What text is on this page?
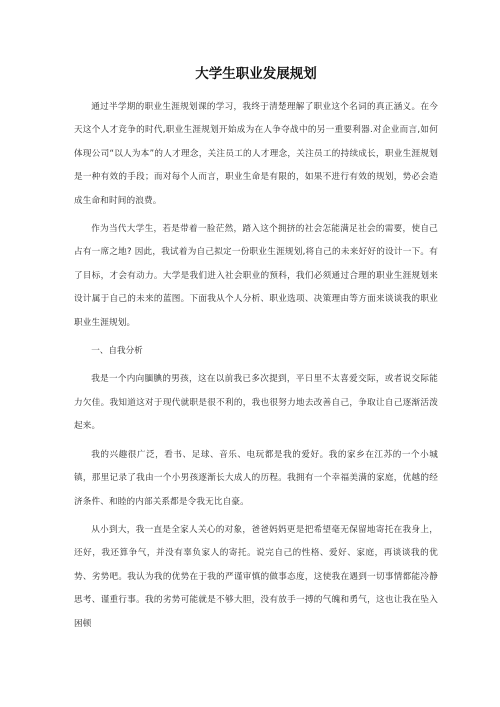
大学生职业发展规划

通过半学期的职业生涯规划课的学习，我终于清楚理解了职业这个名词的真正涵义。在今天这个人才竞争的时代,职业生涯规划开始成为在人争夺战中的另一重要利器.对企业而言,如何体现公司“以人为本”的人才理念，关注员工的人才理念，关注员工的持续成长，职业生涯规划是一种有效的手段；而对每个人而言，职业生命是有限的，如果不进行有效的规划，势必会造成生命和时间的浪费。

作为当代大学生，若是带着一脸茫然，踏入这个拥挤的社会怎能满足社会的需要，使自己占有一席之地? 因此，我试着为自己拟定一份职业生涯规划,将自己的未来好好的设计一下。有了目标，才会有动力。大学是我们进入社会职业的预科，我们必须通过合理的职业生涯规划来设计属于自己的未来的蓝图。下面我从个人分析、职业选项、决策理由等方面来谈谈我的职业职业生涯规划。

一、自我分析

我是一个内向腼腆的男孩，这在以前我已多次提到，平日里不太喜爱交际，或者说交际能力欠佳。我知道这对于现代就职是很不利的，我也很努力地去改善自己，争取让自己逐渐活泼起来。

我的兴趣很广泛，看书、足球、音乐、电玩都是我的爱好。我的家乡在江苏的一个小城镇，那里记录了我由一个小男孩逐渐长大成人的历程。我拥有一个幸福美满的家庭，优越的经济条件、和睦的内部关系都是令我无比自豪。

从小到大，我一直是全家人关心的对象，爸爸妈妈更是把希望毫无保留地寄托在我身上，还好，我还算争气，并没有辜负家人的寄托。说完自己的性格、爱好、家庭，再谈谈我的优势、劣势吧。我认为我的优势在于我的严谨审慎的做事态度，这使我在遇到一切事情都能冷静思考、谨重行事。我的劣势可能就是不够大胆，没有放手一搏的气魄和勇气，这也让我在坠入困顿
